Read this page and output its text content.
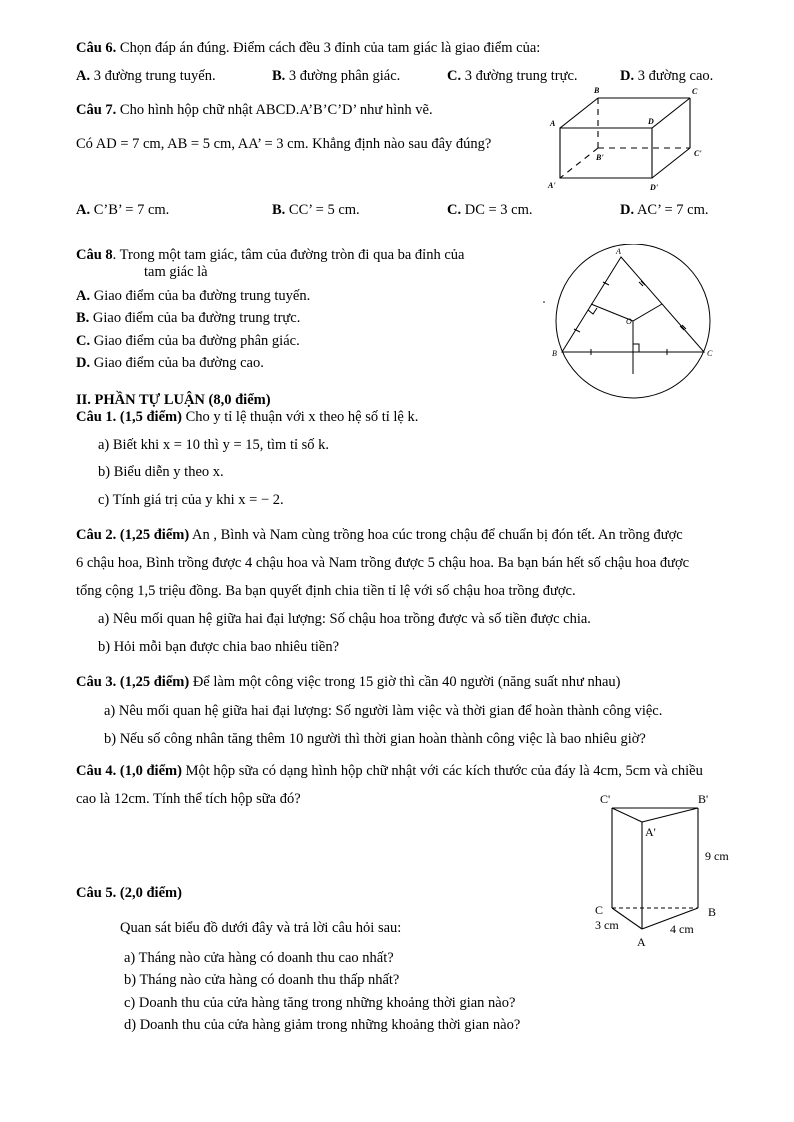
Câu 6. Chọn đáp án đúng. Điểm cách đều 3 đỉnh của tam giác là giao điểm của:
A. 3 đường trung tuyến.	B. 3 đường phân giác.	C. 3 đường trung trực.	D. 3 đường cao.
Câu 7. Cho hình hộp chữ nhật ABCD.A’B’C’D’ như hình vẽ.
Có AD = 7 cm, AB = 5 cm, AA’ = 3 cm. Khẳng định nào sau đây đúng?
B	C
A	D
B'	C'
A'	D'
A. C’B’ = 7 cm.	B. CC’ = 5 cm.	C. DC = 3 cm.	D. AC’ = 7 cm.
Câu 8. Trong một tam giác, tâm của đường tròn đi qua ba đỉnh của
tam giác là
A. Giao điểm của ba đường trung tuyến.
B. Giao điểm của ba đường trung trực.
C. Giao điểm của ba đường phân giác.
D. Giao điểm của ba đường cao.
A
B	C
O
II. PHẦN TỰ LUẬN (8,0 điểm)
Câu 1. (1,5 điểm) Cho y tỉ lệ thuận với x theo hệ số tỉ lệ k.
a) Biết khi x = 10 thì y = 15, tìm tỉ số k.
b) Biểu diễn y theo x.
c) Tính giá trị của y khi x = − 2.
Câu 2. (1,25 điểm) An , Bình và Nam cùng trồng hoa cúc trong chậu để chuẩn bị đón tết. An trồng được
6 chậu hoa, Bình trồng được 4 chậu hoa và Nam trồng được 5 chậu hoa. Ba bạn bán hết số chậu hoa được
tổng cộng 1,5 triệu đồng. Ba bạn quyết định chia tiền tỉ lệ với số chậu hoa trồng được.
a) Nêu mối quan hệ giữa hai đại lượng: Số chậu hoa trồng được và số tiền được chia.
b) Hỏi mỗi bạn được chia bao nhiêu tiền?
Câu 3. (1,25 điểm) Để làm một công việc trong 15 giờ thì cần 40 người (năng suất như nhau)
a) Nêu mối quan hệ giữa hai đại lượng: Số người làm việc và thời gian để hoàn thành công việc.
b) Nếu số công nhân tăng thêm 10 người thì thời gian hoàn thành công việc là bao nhiêu giờ?
Câu 4. (1,0 điểm) Một hộp sữa có dạng hình hộp chữ nhật với các kích thước của đáy là 4cm, 5cm và chiều
cao là 12cm. Tính thể tích hộp sữa đó?	C'	B'
A'
9 cm
C	B
3 cm	4 cm
A
Câu 5. (2,0 điểm)
Quan sát biểu đồ dưới đây và trả lời câu hỏi sau:
a) Tháng nào cửa hàng có doanh thu cao nhất?
b) Tháng nào cửa hàng có doanh thu thấp nhất?
c) Doanh thu của cửa hàng tăng trong những khoảng thời gian nào?
d) Doanh thu của cửa hàng giảm trong những khoảng thời gian nào?
